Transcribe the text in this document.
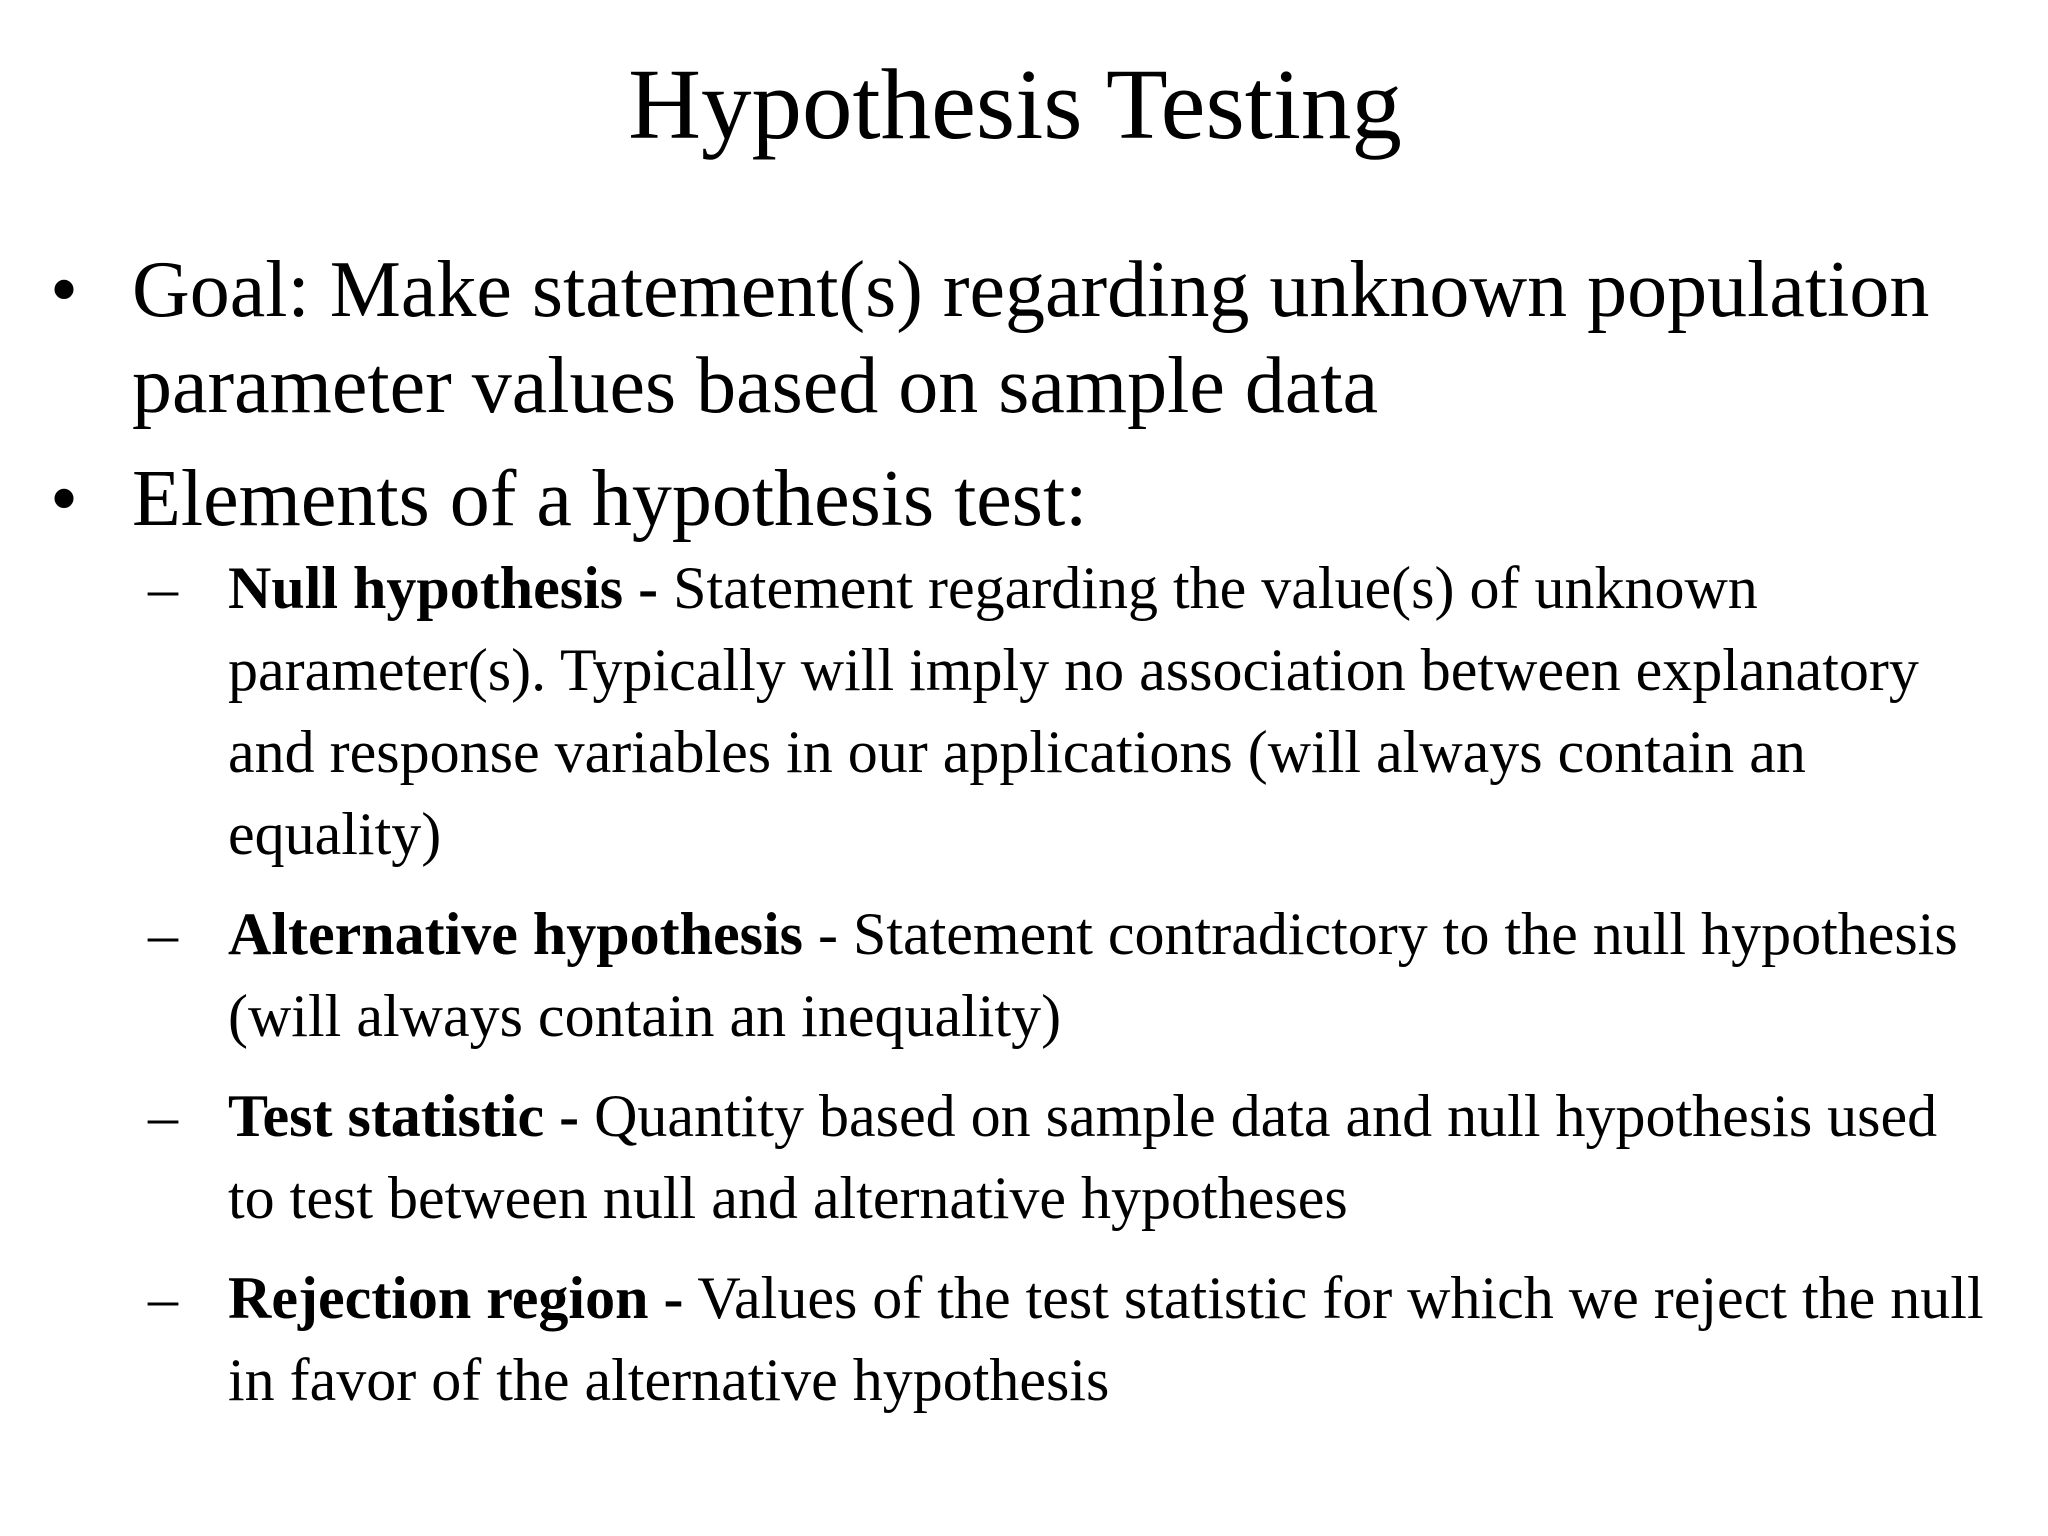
Hypothesis Testing
• Goal: Make statement(s) regarding unknown population parameter values based on sample data
• Elements of a hypothesis test:
– Null hypothesis - Statement regarding the value(s) of unknown parameter(s). Typically will imply no association between explanatory and response variables in our applications (will always contain an equality)
– Alternative hypothesis - Statement contradictory to the null hypothesis (will always contain an inequality)
– Test statistic - Quantity based on sample data and null hypothesis used to test between null and alternative hypotheses
– Rejection region - Values of the test statistic for which we reject the null in favor of the alternative hypothesis
